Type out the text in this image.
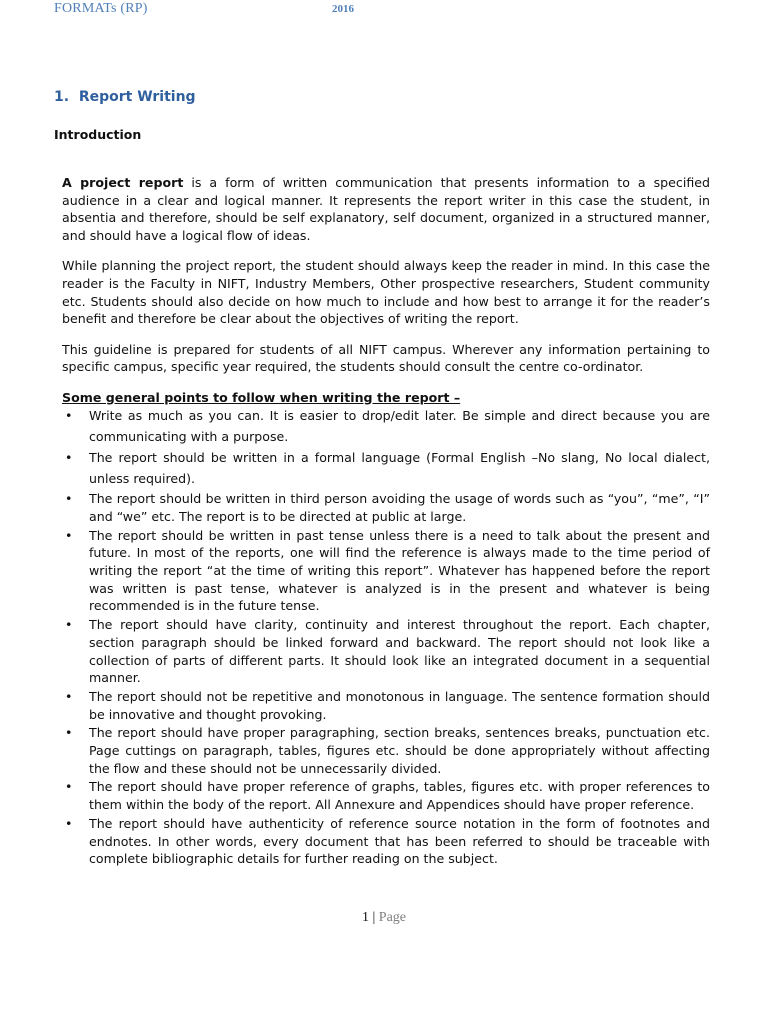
FORMATs (RP)	2016
1. Report Writing
Introduction

A project report is a form of written communication that presents information to a specified audience in a clear and logical manner. It represents the report writer in this case the student, in absentia and therefore, should be self explanatory, self document, organized in a structured manner, and should have a logical flow of ideas.

While planning the project report, the student should always keep the reader in mind. In this case the reader is the Faculty in NIFT, Industry Members, Other prospective researchers, Student community etc. Students should also decide on how much to include and how best to arrange it for the reader’s benefit and therefore be clear about the objectives of writing the report.

This guideline is prepared for students of all NIFT campus. Wherever any information pertaining to specific campus, specific year required, the students should consult the centre co-ordinator.

Some general points to follow when writing the report –
• Write as much as you can. It is easier to drop/edit later. Be simple and direct because you are communicating with a purpose.
• The report should be written in a formal language (Formal English –No slang, No local dialect, unless required).
• The report should be written in third person avoiding the usage of words such as “you”, “me”, “I” and “we” etc. The report is to be directed at public at large.
• The report should be written in past tense unless there is a need to talk about the present and future. In most of the reports, one will find the reference is always made to the time period of writing the report “at the time of writing this report”. Whatever has happened before the report was written is past tense, whatever is analyzed is in the present and whatever is being recommended is in the future tense.
• The report should have clarity, continuity and interest throughout the report. Each chapter, section paragraph should be linked forward and backward. The report should not look like a collection of parts of different parts. It should look like an integrated document in a sequential manner.
• The report should not be repetitive and monotonous in language. The sentence formation should be innovative and thought provoking.
• The report should have proper paragraphing, section breaks, sentences breaks, punctuation etc. Page cuttings on paragraph, tables, figures etc. should be done appropriately without affecting the flow and these should not be unnecessarily divided.
• The report should have proper reference of graphs, tables, figures etc. with proper references to them within the body of the report. All Annexure and Appendices should have proper reference.
• The report should have authenticity of reference source notation in the form of footnotes and endnotes. In other words, every document that has been referred to should be traceable with complete bibliographic details for further reading on the subject.
1 | Page
